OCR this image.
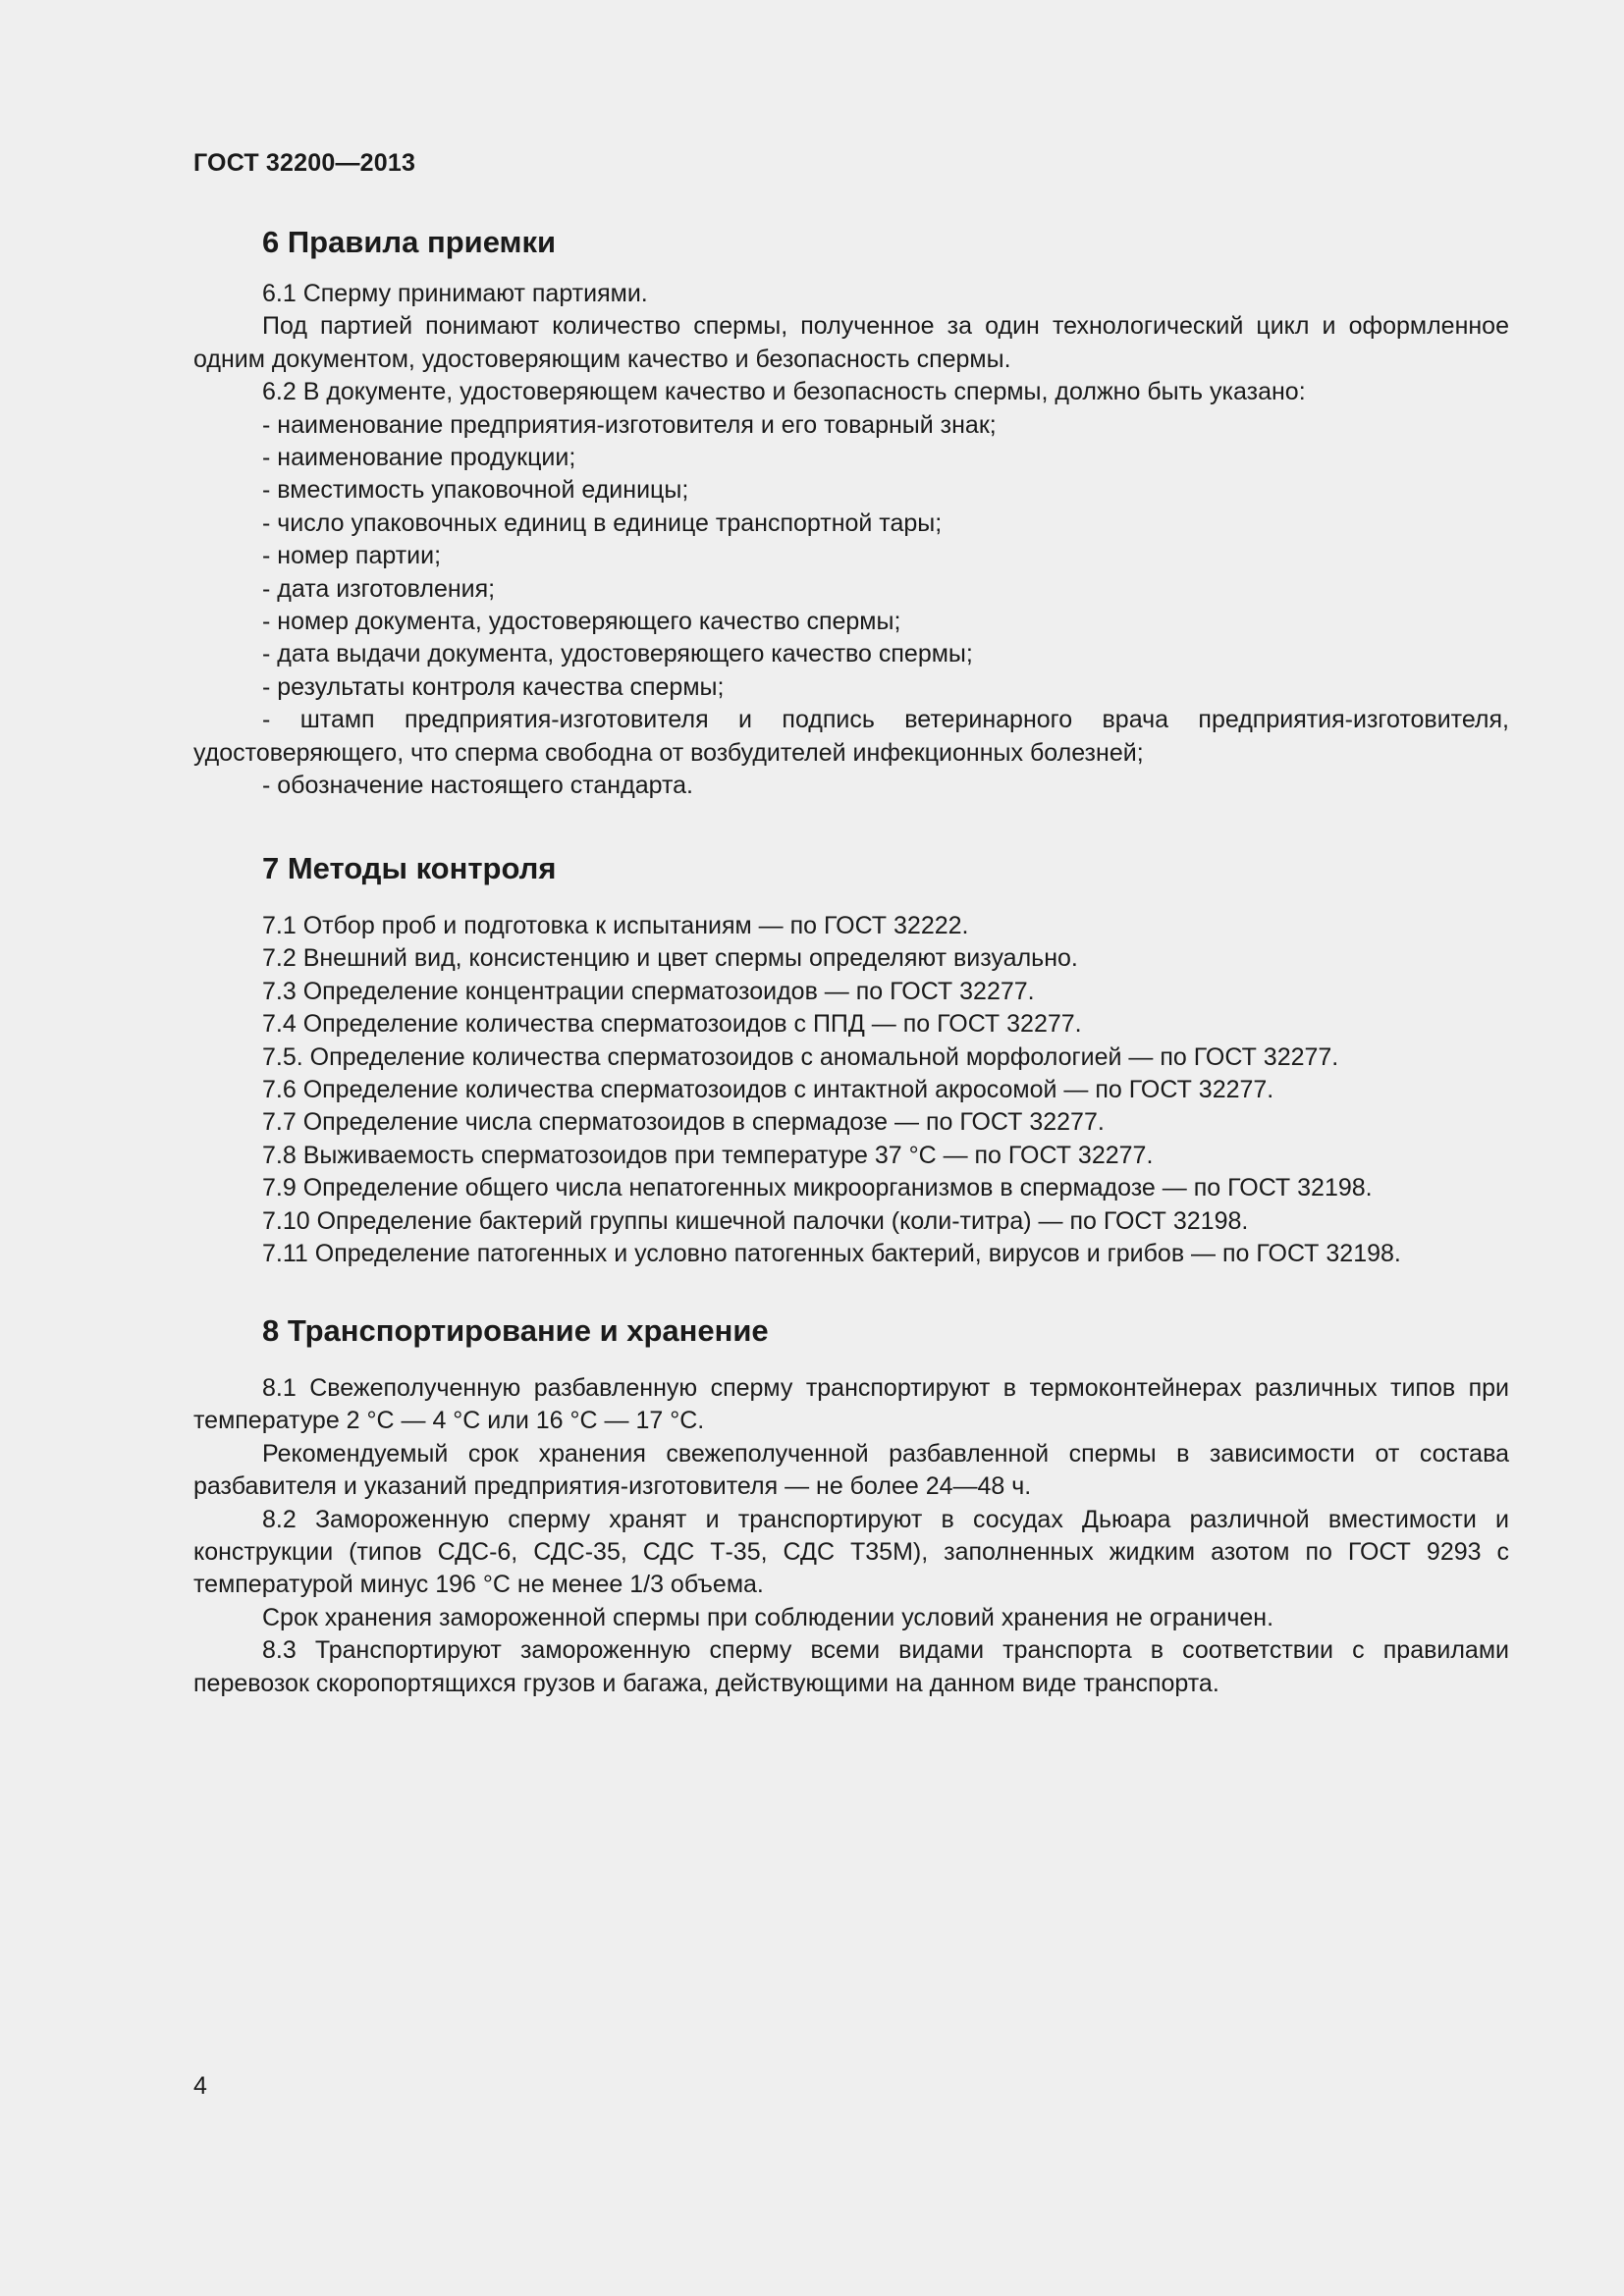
ГОСТ 32200—2013
6 Правила приемки

6.1 Сперму принимают партиями.

Под партией понимают количество спермы, полученное за один технологический цикл и оформленное одним документом, удостоверяющим качество и безопасность спермы.

6.2 В документе, удостоверяющем качество и безопасность спермы, должно быть указано:

- наименование предприятия-изготовителя и его товарный знак;

- наименование продукции;

- вместимость упаковочной единицы;

- число упаковочных единиц в единице транспортной тары;

- номер партии;

- дата изготовления;

- номер документа, удостоверяющего качество спермы;

- дата выдачи документа, удостоверяющего качество спермы;

- результаты контроля качества спермы;

- штамп предприятия-изготовителя и подпись ветеринарного врача предприятия-изготовителя, удостоверяющего, что сперма свободна от возбудителей инфекционных болезней;

- обозначение настоящего стандарта.

7 Методы контроля

7.1 Отбор проб и подготовка к испытаниям — по ГОСТ 32222.

7.2 Внешний вид, консистенцию и цвет спермы определяют визуально.

7.3 Определение концентрации сперматозоидов — по ГОСТ 32277.

7.4 Определение количества сперматозоидов с ППД — по ГОСТ 32277.

7.5. Определение количества сперматозоидов с аномальной морфологией — по ГОСТ 32277.

7.6 Определение количества сперматозоидов с интактной акросомой — по ГОСТ 32277.

7.7 Определение числа сперматозоидов в спермадозе — по ГОСТ 32277.

7.8 Выживаемость сперматозоидов при температуре 37 °С — по ГОСТ 32277.

7.9 Определение общего числа непатогенных микроорганизмов в спермадозе — по ГОСТ 32198.

7.10 Определение бактерий группы кишечной палочки (коли-титра) — по ГОСТ 32198.

7.11 Определение патогенных и условно патогенных бактерий, вирусов и грибов — по ГОСТ 32198.

8 Транспортирование и хранение

8.1 Свежеполученную разбавленную сперму транспортируют в термоконтейнерах различных типов при температуре 2 °С — 4 °С или 16 °С — 17 °С.

Рекомендуемый срок хранения свежеполученной разбавленной спермы в зависимости от состава разбавителя и указаний предприятия-изготовителя — не более 24—48 ч.

8.2 Замороженную сперму хранят и транспортируют в сосудах Дьюара различной вместимости и конструкции (типов СДС-6, СДС-35, СДС Т-35, СДС Т35М), заполненных жидким азотом по ГОСТ 9293 с температурой минус 196 °С не менее 1/3 объема.

Срок хранения замороженной спермы при соблюдении условий хранения не ограничен.

8.3 Транспортируют замороженную сперму всеми видами транспорта в соответствии с правилами перевозок скоропортящихся грузов и багажа, действующими на данном виде транспорта.

4
